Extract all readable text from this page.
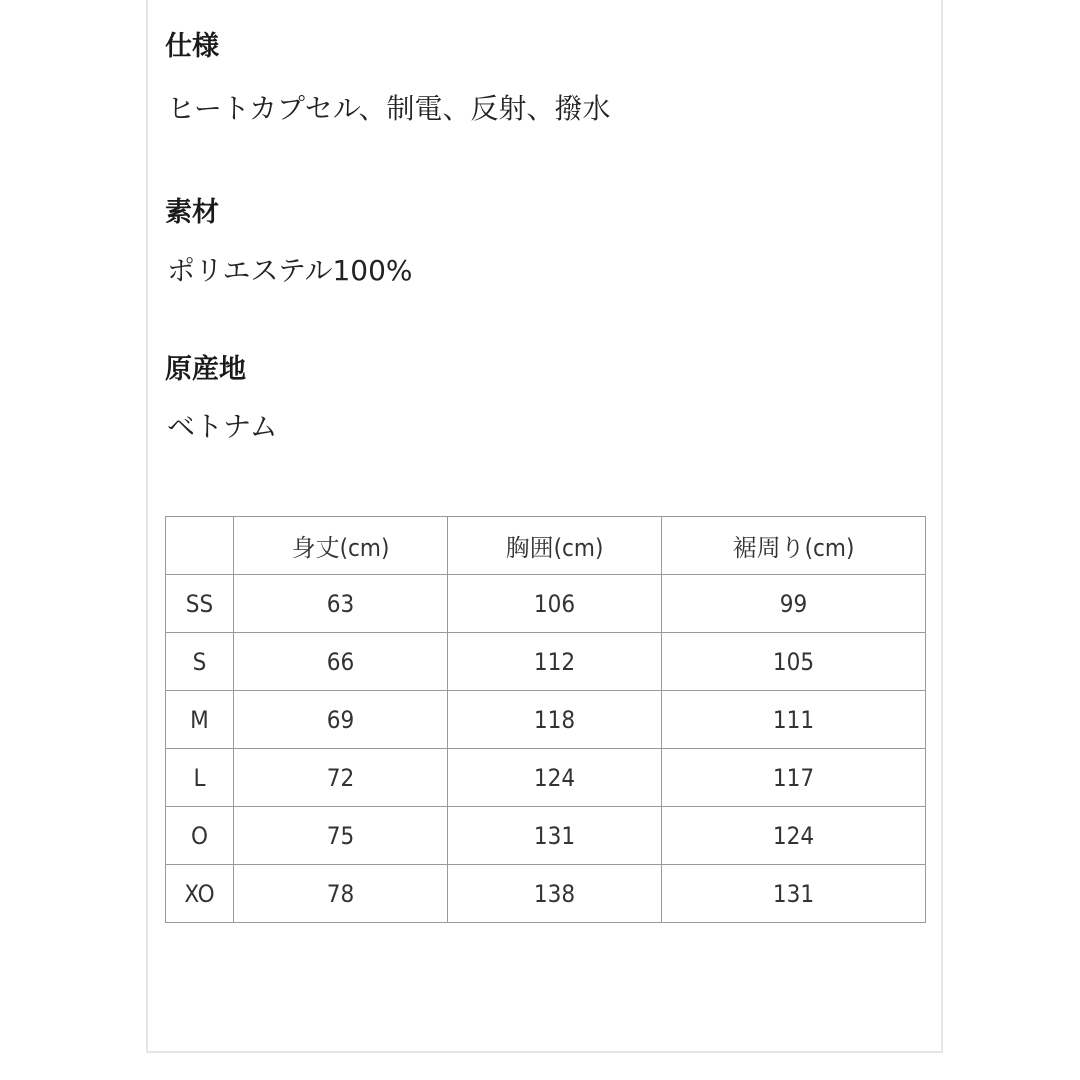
仕様
ヒートカプセル、制電、反射、撥水
素材
ポリエステル100%
原産地
ベトナム
	身丈(cm)	胸囲(cm)	裾周り(cm)
SS	63	106	99
S	66	112	105
M	69	118	111
L	72	124	117
O	75	131	124
XO	78	138	131
